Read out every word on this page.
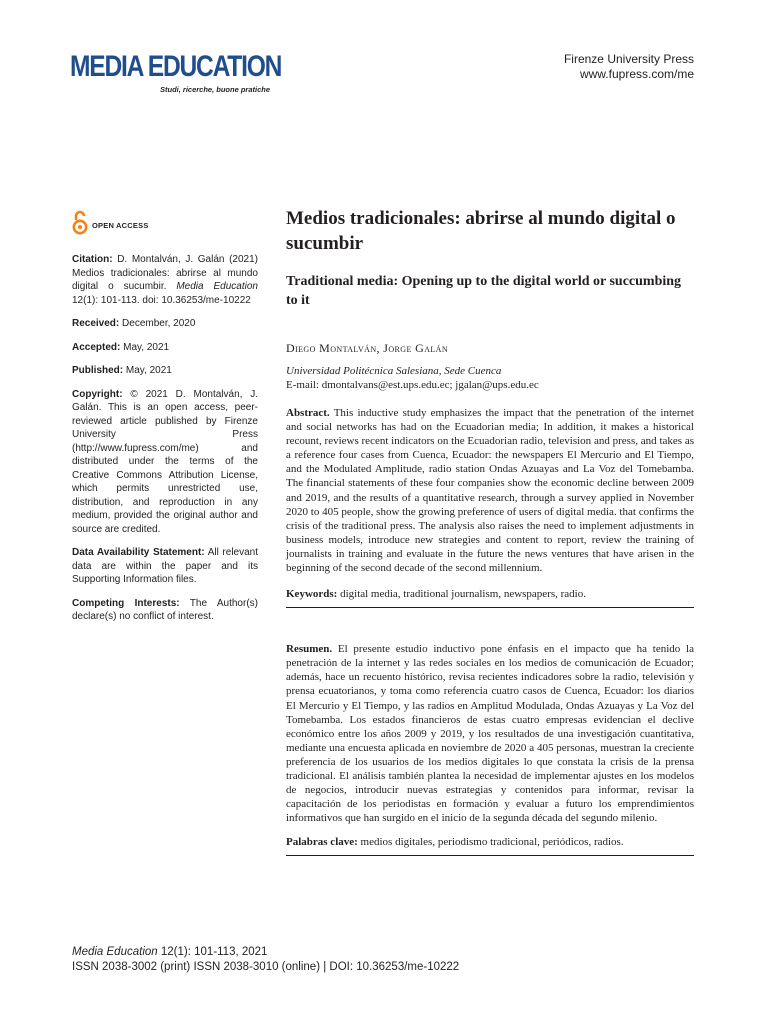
MEDIA EDUCATION
Studi, ricerche, buone pratiche
Firenze University Press
www.fupress.com/me
OPEN ACCESS

Citation: D. Montalván, J. Galán (2021) Medios tradicionales: abrirse al mundo digital o sucumbir. Media Education 12(1): 101-113. doi: 10.36253/me-10222

Received: December, 2020

Accepted: May, 2021

Published: May, 2021

Copyright: © 2021 D. Montalván, J. Galán. This is an open access, peer-reviewed article published by Firenze University Press (http://www.fupress.com/me) and distributed under the terms of the Creative Commons Attribution License, which permits unrestricted use, distribution, and reproduction in any medium, provided the original author and source are credited.

Data Availability Statement: All relevant data are within the paper and its Supporting Information files.

Competing Interests: The Author(s) declare(s) no conflict of interest.

Medios tradicionales: abrirse al mundo digital o sucumbir
Traditional media: Opening up to the digital world or succumbing to it
Diego Montalván, Jorge Galán
Universidad Politécnica Salesiana, Sede Cuenca
E-mail: dmontalvans@est.ups.edu.ec; jgalan@ups.edu.ec

Abstract. This inductive study emphasizes the impact that the penetration of the internet and social networks has had on the Ecuadorian media; In addition, it makes a historical recount, reviews recent indicators on the Ecuadorian radio, television and press, and takes as a reference four cases from Cuenca, Ecuador: the newspapers El Mercurio and El Tiempo, and the Modulated Amplitude, radio station Ondas Azuayas and La Voz del Tomebamba. The financial statements of these four companies show the economic decline between 2009 and 2019, and the results of a quantitative research, through a survey applied in November 2020 to 405 people, show the growing preference of users of digital media. that confirms the crisis of the traditional press. The analysis also raises the need to implement adjustments in business models, introduce new strategies and content to report, review the training of journalists in training and evaluate in the future the news ventures that have arisen in the beginning of the second decade of the second millennium.

Keywords: digital media, traditional journalism, newspapers, radio.

Resumen. El presente estudio inductivo pone énfasis en el impacto que ha tenido la penetración de la internet y las redes sociales en los medios de comunicación de Ecuador; además, hace un recuento histórico, revisa recientes indicadores sobre la radio, televisión y prensa ecuatorianos, y toma como referencia cuatro casos de Cuenca, Ecuador: los diarios El Mercurio y El Tiempo, y las radios en Amplitud Modulada, Ondas Azuayas y La Voz del Tomebamba. Los estados financieros de estas cuatro empresas evidencian el declive económico entre los años 2009 y 2019, y los resultados de una investigación cuantitativa, mediante una encuesta aplicada en noviembre de 2020 a 405 personas, muestran la creciente preferencia de los usuarios de los medios digitales lo que constata la crisis de la prensa tradicional. El análisis también plantea la necesidad de implementar ajustes en los modelos de negocios, introducir nuevas estrategias y contenidos para informar, revisar la capacitación de los periodistas en formación y evaluar a futuro los emprendimientos informativos que han surgido en el inicio de la segunda década del segundo milenio.

Palabras clave: medios digitales, periodismo tradicional, periódicos, radios.

Media Education 12(1): 101-113, 2021
ISSN 2038-3002 (print) ISSN 2038-3010 (online) | DOI: 10.36253/me-10222
